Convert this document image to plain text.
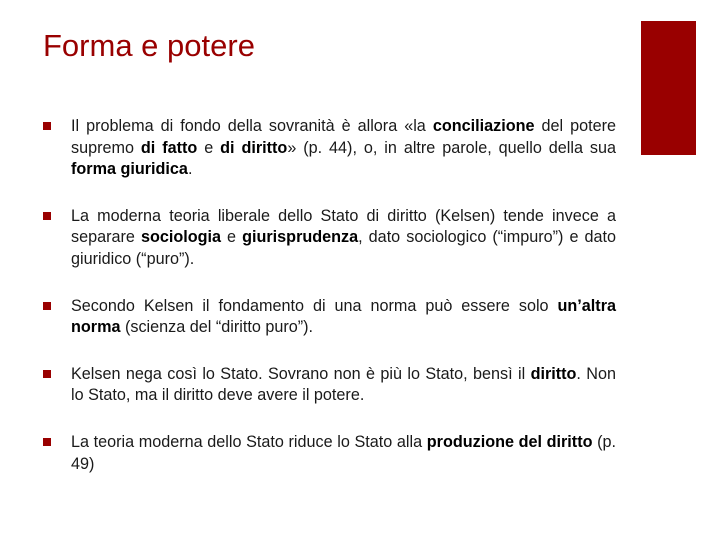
Forma e potere
Il problema di fondo della sovranità è allora «la conciliazione del potere supremo di fatto e di diritto» (p. 44), o, in altre parole, quello della sua forma giuridica.
La moderna teoria liberale dello Stato di diritto (Kelsen) tende invece a separare sociologia e giurisprudenza, dato sociologico (“impuro”) e dato giuridico (“puro”).
Secondo Kelsen il fondamento di una norma può essere solo un’altra norma (scienza del “diritto puro”).
Kelsen nega così lo Stato. Sovrano non è più lo Stato, bensì il diritto. Non lo Stato, ma il diritto deve avere il potere.
La teoria moderna dello Stato riduce lo Stato alla produzione del diritto (p. 49)
